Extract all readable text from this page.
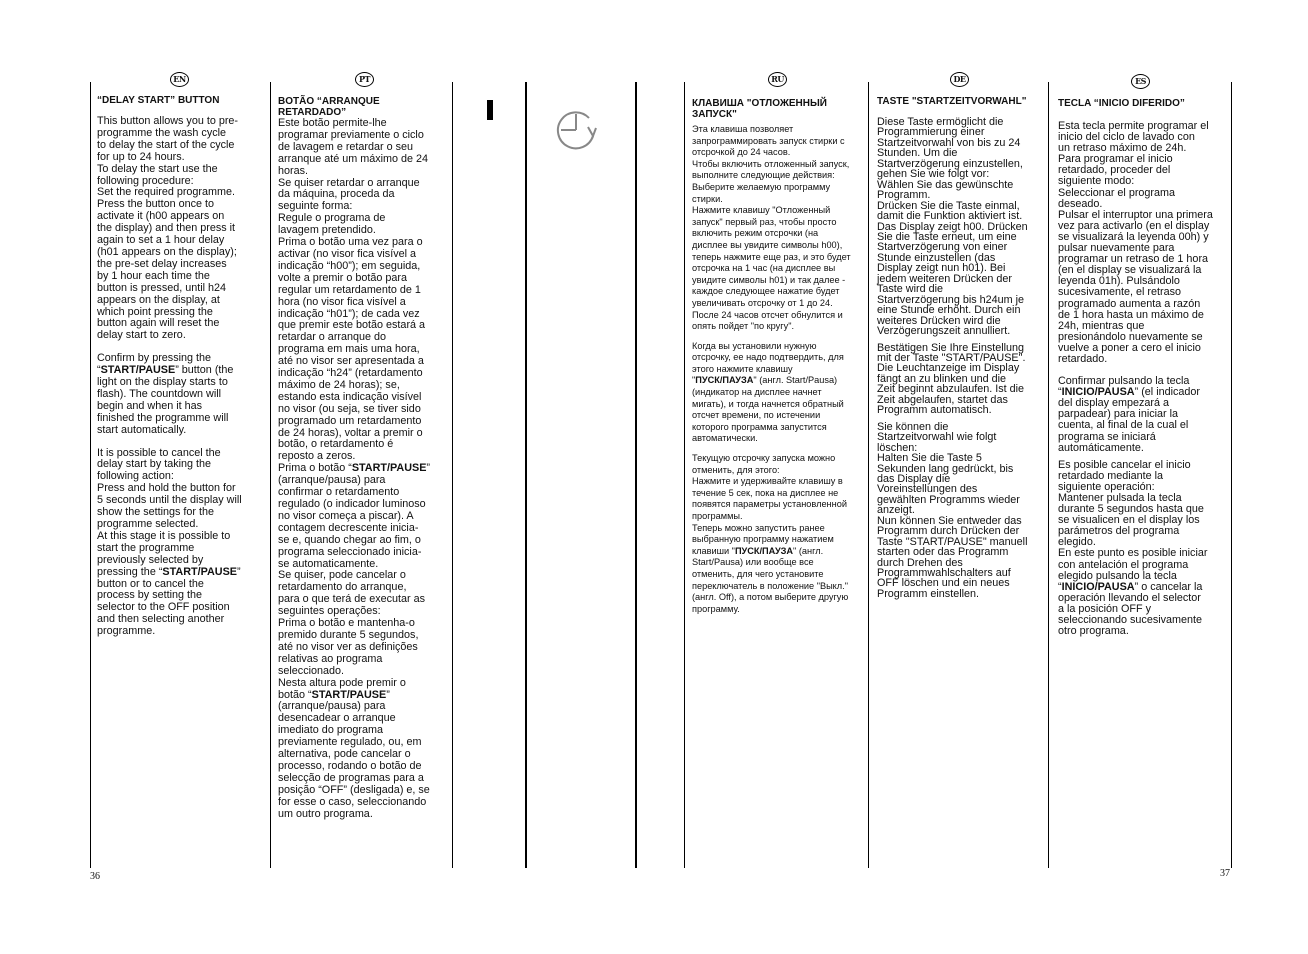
EN
“DELAY START” BUTTON

This button allows you to pre-
programme the wash cycle
to delay the start of the cycle
for up to 24 hours.
To delay the start use the
following procedure:
Set the required programme.
Press the button once to
activate it (h00 appears on
the display) and then press it
again to set a 1 hour delay
(h01 appears on the display);
the pre-set delay increases
by 1 hour each time the
button is pressed, until h24
appears on the display, at
which point pressing the
button again will reset the
delay start to zero.

Confirm by pressing the
“START/PAUSE” button (the
light on the display starts to
flash). The countdown will
begin and when it has
finished the programme will
start automatically.

It is possible to cancel the
delay start by taking the
following action:
Press and hold the button for
5 seconds until the display will
show the settings for the
programme selected.
At this stage it is possible to
start the programme
previously selected by
pressing the “START/PAUSE”
button or to cancel the
process by setting the
selector to the OFF position
and then selecting another
programme.

PT
BOTÃO “ARRANQUE
RETARDADO”

Este botão permite-lhe
programar previamente o ciclo
de lavagem e retardar o seu
arranque até um máximo de 24
horas.
Se quiser retardar o arranque
da máquina, proceda da
seguinte forma:
Regule o programa de
lavagem pretendido.
Prima o botão uma vez para o
activar (no visor fica visível a
indicação “h00”); em seguida,
volte a premir o botão para
regular um retardamento de 1
hora (no visor fica visível a
indicação “h01”); de cada vez
que premir este botão estará a
retardar o arranque do
programa em mais uma hora,
até no visor ser apresentada a
indicação “h24” (retardamento
máximo de 24 horas); se,
estando esta indicação visível
no visor (ou seja, se tiver sido
programado um retardamento
de 24 horas), voltar a premir o
botão, o retardamento é
reposto a zeros.
Prima o botão “START/PAUSE”
(arranque/pausa) para
confirmar o retardamento
regulado (o indicador luminoso
no visor começa a piscar). A
contagem decrescente inicia-
se e, quando chegar ao fim, o
programa seleccionado inicia-
se automaticamente.
Se quiser, pode cancelar o
retardamento do arranque,
para o que terá de executar as
seguintes operações:
Prima o botão e mantenha-o
premido durante 5 segundos,
até no visor ver as definições
relativas ao programa
seleccionado.
Nesta altura pode premir o
botão “START/PAUSE”
(arranque/pausa) para
desencadear o arranque
imediato do programa
previamente regulado, ou, em
alternativa, pode cancelar o
processo, rodando o botão de
selecção de programas para a
posição “OFF” (desligada) e, se
for esse o caso, seleccionando
um outro programa.

RU
КЛАВИША "ОТЛОЖЕННЫЙ
ЗАПУСК"

Эта клавиша позволяет
запрограммировать запуск стирки с
отсрочкой до 24 часов.
Чтобы включить отложенный запуск,
выполните следующие действия:
Выберите желаемую программу
стирки.
Нажмите клавишу "Отложенный
запуск" первый раз, чтобы просто
включить режим отсрочки (на
дисплее вы увидите символы h00),
теперь нажмите еще раз, и это будет
отсрочка на 1 час (на дисплее вы
увидите символы h01) и так далее -
каждое следующее нажатие будет
увеличивать отсрочку от 1 до 24.
После 24 часов отсчет обнулится и
опять пойдет "по кругу".

Когда вы установили нужную
отсрочку, ее надо подтвердить, для
этого нажмите клавишу
"ПУСК/ПАУЗА" (англ. Start/Pausa)
(индикатор на дисплее начнет
мигать), и тогда начнется обратный
отсчет времени, по истечении
которого программа запустится
автоматически.

Текущую отсрочку запуска можно
отменить, для этого:
Нажмите и удерживайте клавишу в
течение 5 сек, пока на дисплее не
появятся параметры установленной
программы.
Теперь можно запустить ранее
выбранную программу нажатием
клавиши "ПУСК/ПАУЗА" (англ.
Start/Pausa) или вообще все
отменить, для чего установите
переключатель в положение "Выкл."
(англ. Off), а потом выберите другую
программу.

DE
TASTE "STARTZEITVORWAHL"

Diese Taste ermöglicht die
Programmierung einer
Startzeitvorwahl von bis zu 24
Stunden. Um die
Startverzögerung einzustellen,
gehen Sie wie folgt vor:
Wählen Sie das gewünschte
Programm.
Drücken Sie die Taste einmal,
damit die Funktion aktiviert ist.
Das Display zeigt h00. Drücken
Sie die Taste erneut, um eine
Startverzögerung von einer
Stunde einzustellen (das
Display zeigt nun h01). Bei
jedem weiteren Drücken der
Taste wird die
Startverzögerung bis h24um je
eine Stunde erhöht. Durch ein
weiteres Drücken wird die
Verzögerungszeit annulliert.

Bestätigen Sie Ihre Einstellung
mit der Taste "START/PAUSE".
Die Leuchtanzeige im Display
fängt an zu blinken und die
Zeit beginnt abzulaufen. Ist die
Zeit abgelaufen, startet das
Programm automatisch.

Sie können die
Startzeitvorwahl wie folgt
löschen:
Halten Sie die Taste 5
Sekunden lang gedrückt, bis
das Display die
Voreinstellungen des
gewählten Programms wieder
anzeigt.
Nun können Sie entweder das
Programm durch Drücken der
Taste "START/PAUSE" manuell
starten oder das Programm
durch Drehen des
Programmwahlschalters auf
OFF löschen und ein neues
Programm einstellen.

ES
TECLA “INICIO DIFERIDO”

Esta tecla permite programar el
inicio del ciclo de lavado con
un retraso máximo de 24h.
Para programar el inicio
retardado, proceder del
siguiente modo:
Seleccionar el programa
deseado.
Pulsar el interruptor una primera
vez para activarlo (en el display
se visualizará la leyenda 00h) y
pulsar nuevamente para
programar un retraso de 1 hora
(en el display se visualizará la
leyenda 01h). Pulsándolo
sucesivamente, el retraso
programado aumenta a razón
de 1 hora hasta un máximo de
24h, mientras que
presionándolo nuevamente se
vuelve a poner a cero el inicio
retardado.

Confirmar pulsando la tecla
“INICIO/PAUSA” (el indicador
del display empezará a
parpadear) para iniciar la
cuenta, al final de la cual el
programa se iniciará
automáticamente.

Es posible cancelar el inicio
retardado mediante la
siguiente operación:
Mantener pulsada la tecla
durante 5 segundos hasta que
se visualicen en el display los
parámetros del programa
elegido.
En este punto es posible iniciar
con antelación el programa
elegido pulsando la tecla
“INICIO/PAUSA” o cancelar la
operación llevando el selector
a la posición OFF y
seleccionando sucesivamente
otro programa.

36	37
